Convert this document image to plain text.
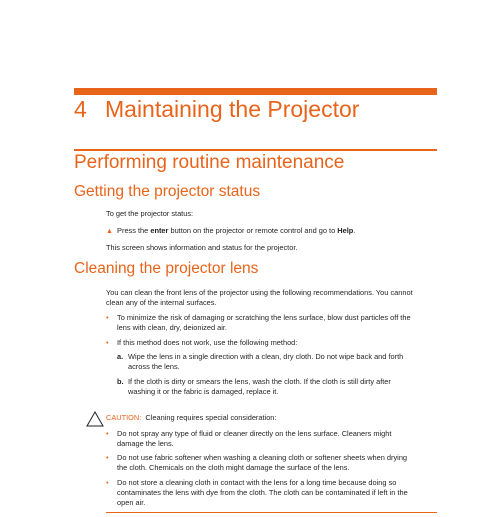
4 Maintaining the Projector
Performing routine maintenance
Getting the projector status
To get the projector status:
▲ Press the enter button on the projector or remote control and go to Help.
This screen shows information and status for the projector.
Cleaning the projector lens
You can clean the front lens of the projector using the following recommendations. You cannot
clean any of the internal surfaces.
• To minimize the risk of damaging or scratching the lens surface, blow dust particles off the
lens with clean, dry, deionized air.
•	If this method does not work, use the following method:
a. Wipe the lens in a single direction with a clean, dry cloth. Do not wipe back and forth
across the lens.
b. If the cloth is dirty or smears the lens, wash the cloth. If the cloth is still dirty after
washing it or the fabric is damaged, replace it.
CAUTION: Cleaning requires special consideration:
• Do not spray any type of fluid or cleaner directly on the lens surface. Cleaners might
damage the lens.
• Do not use fabric softener when washing a cleaning cloth or softener sheets when drying
the cloth. Chemicals on the cloth might damage the surface of the lens.
• Do not store a cleaning cloth in contact with the lens for a long time because doing so
contaminates the lens with dye from the cloth. The cloth can be contaminated if left in the
open air.
